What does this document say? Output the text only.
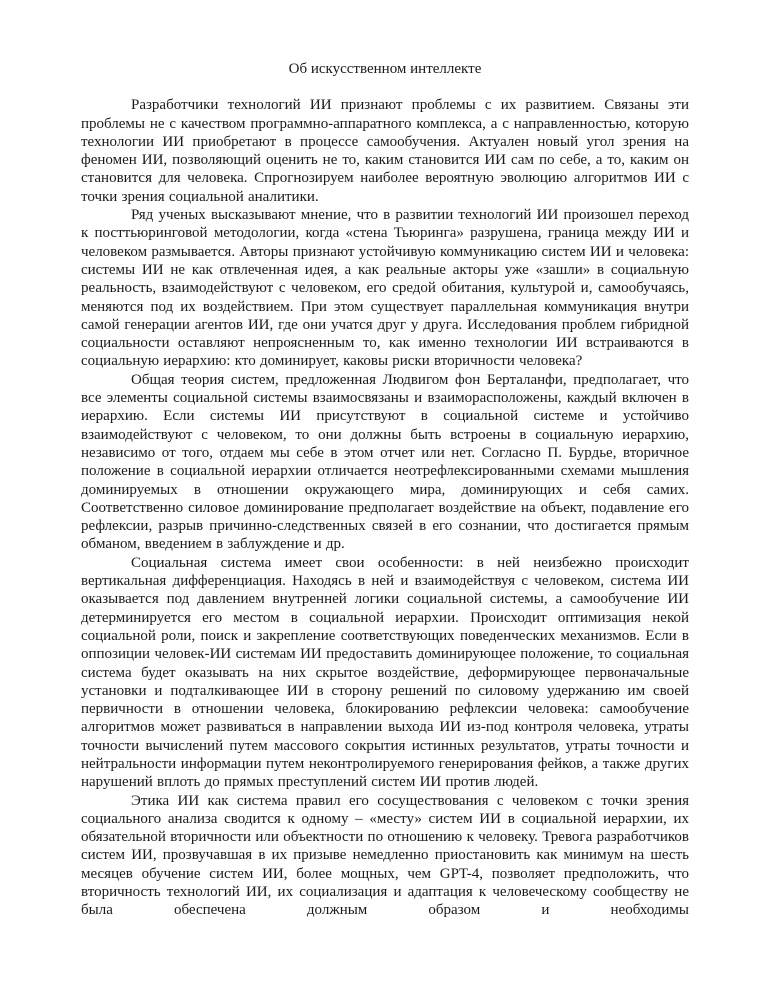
Об искусственном интеллекте

Разработчики технологий ИИ признают проблемы с их развитием. Связаны эти проблемы не с качеством программно-аппаратного комплекса, а с направленностью, которую технологии ИИ приобретают в процессе самообучения. Актуален новый угол зрения на феномен ИИ, позволяющий оценить не то, каким становится ИИ сам по себе, а то, каким он становится для человека. Спрогнозируем наиболее вероятную эволюцию алгоритмов ИИ с точки зрения социальной аналитики.

Ряд ученых высказывают мнение, что в развитии технологий ИИ произошел переход к посттьюринговой методологии, когда «стена Тьюринга» разрушена, граница между ИИ и человеком размывается. Авторы признают устойчивую коммуникацию систем ИИ и человека: системы ИИ не как отвлеченная идея, а как реальные акторы уже «зашли» в социальную реальность, взаимодействуют с человеком, его средой обитания, культурой и, самообучаясь, меняются под их воздействием. При этом существует параллельная коммуникация внутри самой генерации агентов ИИ, где они учатся друг у друга. Исследования проблем гибридной социальности оставляют непроясненным то, как именно технологии ИИ встраиваются в социальную иерархию: кто доминирует, каковы риски вторичности человека?

Общая теория систем, предложенная Людвигом фон Берталанфи, предполагает, что все элементы социальной системы взаимосвязаны и взаиморасположены, каждый включен в иерархию. Если системы ИИ присутствуют в социальной системе и устойчиво взаимодействуют с человеком, то они должны быть встроены в социальную иерархию, независимо от того, отдаем мы себе в этом отчет или нет. Согласно П. Бурдье, вторичное положение в социальной иерархии отличается неотрефлексированными схемами мышления доминируемых в отношении окружающего мира, доминирующих и себя самих. Соответственно силовое доминирование предполагает воздействие на объект, подавление его рефлексии, разрыв причинно-следственных связей в его сознании, что достигается прямым обманом, введением в заблуждение и др.

Социальная система имеет свои особенности: в ней неизбежно происходит вертикальная дифференциация. Находясь в ней и взаимодействуя с человеком, система ИИ оказывается под давлением внутренней логики социальной системы, а самообучение ИИ детерминируется его местом в социальной иерархии. Происходит оптимизация некой социальной роли, поиск и закрепление соответствующих поведенческих механизмов. Если в оппозиции человек-ИИ системам ИИ предоставить доминирующее положение, то социальная система будет оказывать на них скрытое воздействие, деформирующее первоначальные установки и подталкивающее ИИ в сторону решений по силовому удержанию им своей первичности в отношении человека, блокированию рефлексии человека: самообучение алгоритмов может развиваться в направлении выхода ИИ из-под контроля человека, утраты точности вычислений путем массового сокрытия истинных результатов, утраты точности и нейтральности информации путем неконтролируемого генерирования фейков, а также других нарушений вплоть до прямых преступлений систем ИИ против людей.

Этика ИИ как система правил его сосуществования с человеком с точки зрения социального анализа сводится к одному – «месту» систем ИИ в социальной иерархии, их обязательной вторичности или объектности по отношению к человеку. Тревога разработчиков систем ИИ, прозвучавшая в их призыве немедленно приостановить как минимум на шесть месяцев обучение систем ИИ, более мощных, чем GPT-4, позволяет предположить, что вторичность технологий ИИ, их социализация и адаптация к человеческому сообществу не была обеспечена должным образом и необходимы
